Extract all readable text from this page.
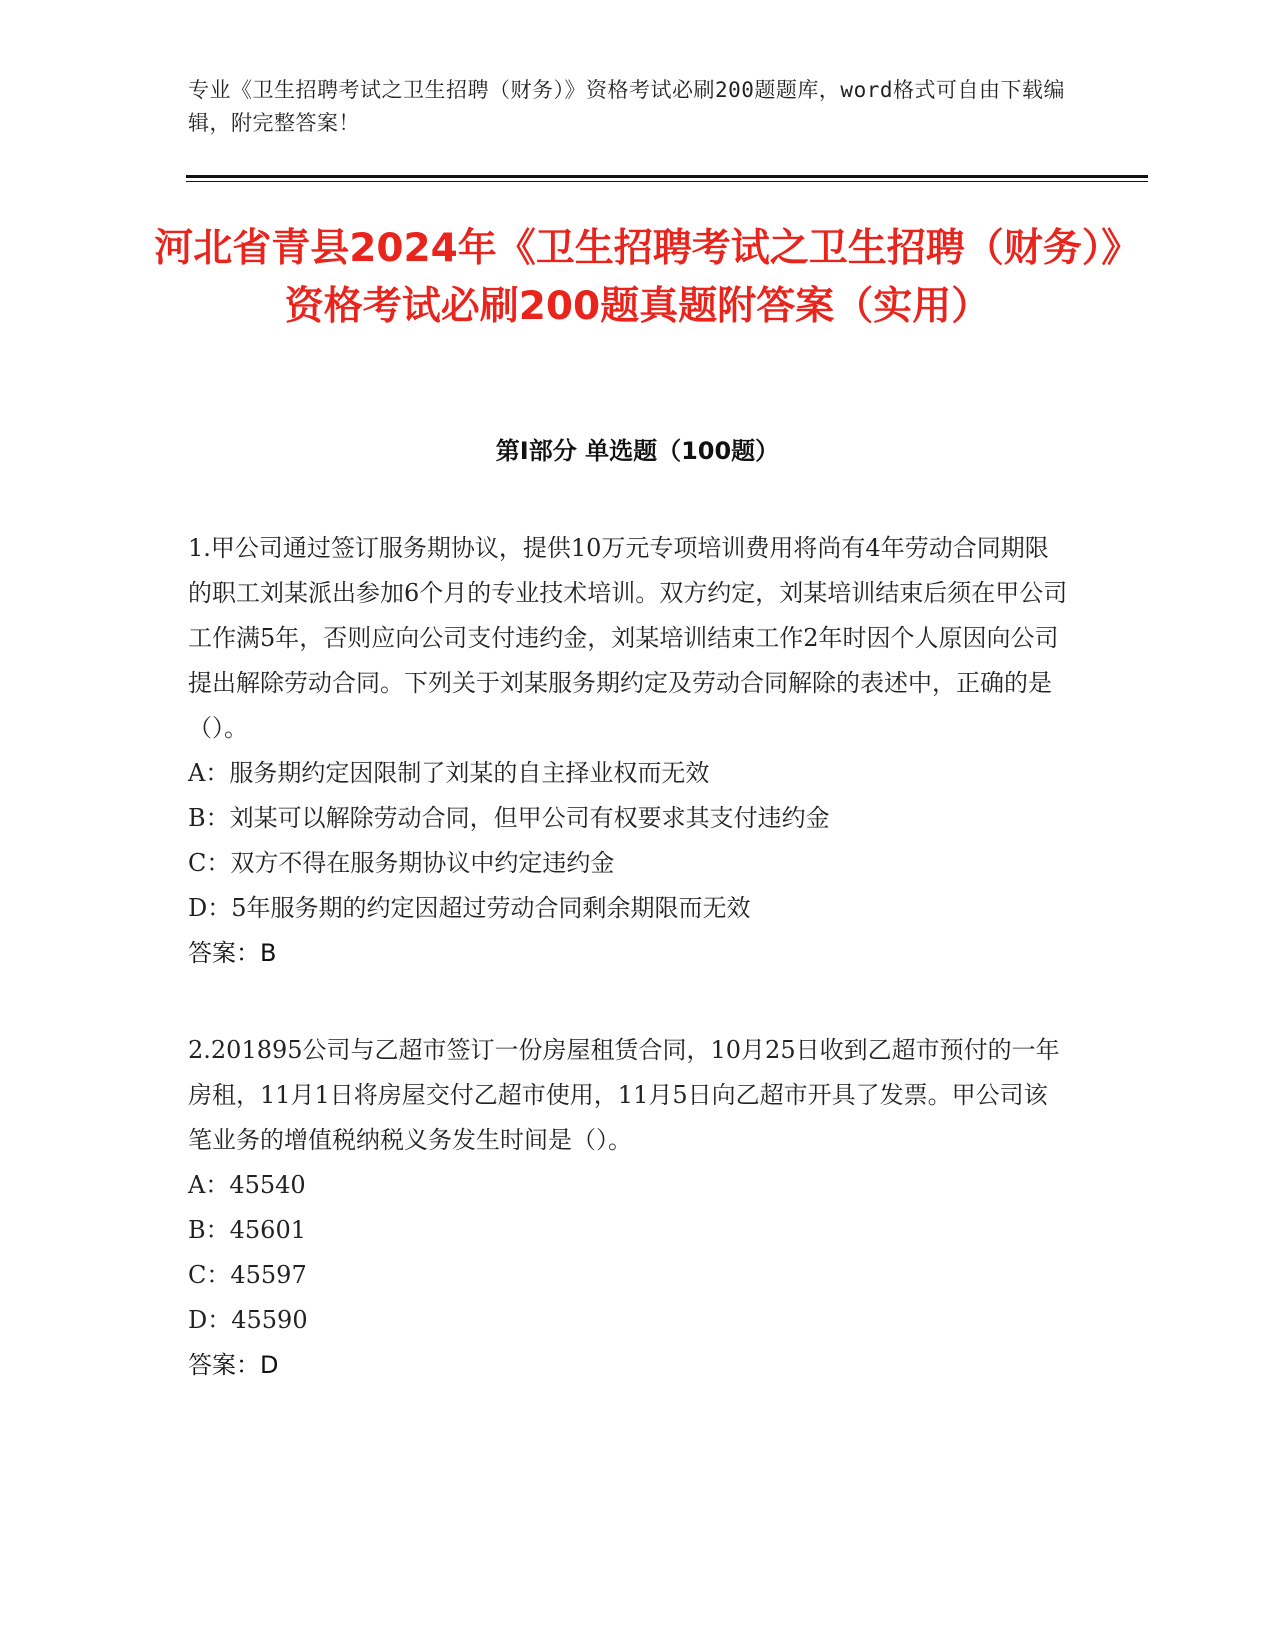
专业《卫生招聘考试之卫生招聘（财务）》资格考试必刷200题题库，word格式可自由下载编辑，附完整答案！
河北省青县2024年《卫生招聘考试之卫生招聘（财务）》资格考试必刷200题真题附答案（实用）
第Ⅰ部分 单选题（100题）

1.甲公司通过签订服务期协议，提供10万元专项培训费用将尚有4年劳动合同期限的职工刘某派出参加6个月的专业技术培训。双方约定，刘某培训结束后须在甲公司工作满5年，否则应向公司支付违约金，刘某培训结束工作2年时因个人原因向公司提出解除劳动合同。下列关于刘某服务期约定及劳动合同解除的表述中，正确的是（）。

A：服务期约定因限制了刘某的自主择业权而无效

B：刘某可以解除劳动合同，但甲公司有权要求其支付违约金

C：双方不得在服务期协议中约定违约金

D：5年服务期的约定因超过劳动合同剩余期限而无效

答案：B

2.201895公司与乙超市签订一份房屋租赁合同，10月25日收到乙超市预付的一年房租，11月1日将房屋交付乙超市使用，11月5日向乙超市开具了发票。甲公司该笔业务的增值税纳税义务发生时间是（）。

A：45540

B：45601

C：45597

D：45590

答案：D
